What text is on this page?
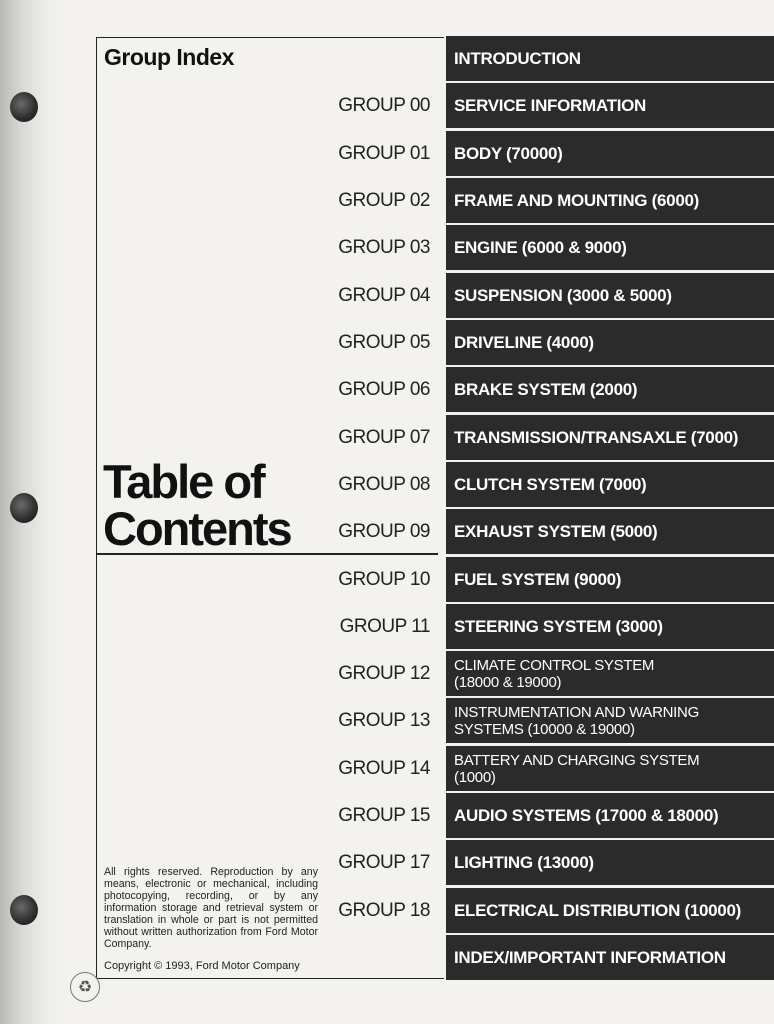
Group Index
Table of
Contents
INTRODUCTION
GROUP 00	SERVICE INFORMATION
GROUP 01	BODY (70000)
GROUP 02	FRAME AND MOUNTING (6000)
GROUP 03	ENGINE (6000 & 9000)
GROUP 04	SUSPENSION (3000 & 5000)
GROUP 05	DRIVELINE (4000)
GROUP 06	BRAKE SYSTEM (2000)
GROUP 07	TRANSMISSION/TRANSAXLE (7000)
GROUP 08	CLUTCH SYSTEM (7000)
GROUP 09	EXHAUST SYSTEM (5000)
GROUP 10	FUEL SYSTEM (9000)
GROUP 11	STEERING SYSTEM (3000)
GROUP 12 CLIMATE CONTROL SYSTEM
(18000 & 19000)
GROUP 13 INSTRUMENTATION AND WARNING
SYSTEMS (10000 & 19000)
GROUP 14 BATTERY AND CHARGING SYSTEM
(1000)
GROUP 15	AUDIO SYSTEMS (17000 & 18000)
GROUP 17	LIGHTING (13000)
GROUP 18	ELECTRICAL DISTRIBUTION (10000)
INDEX/IMPORTANT INFORMATION
All rights reserved. Reproduction by any means, electronic or mechanical, including photocopying, recording, or by any information storage and retrieval system or translation in whole or part is not permitted without written authorization from Ford Motor Company.
Copyright © 1993, Ford Motor Company
♻
